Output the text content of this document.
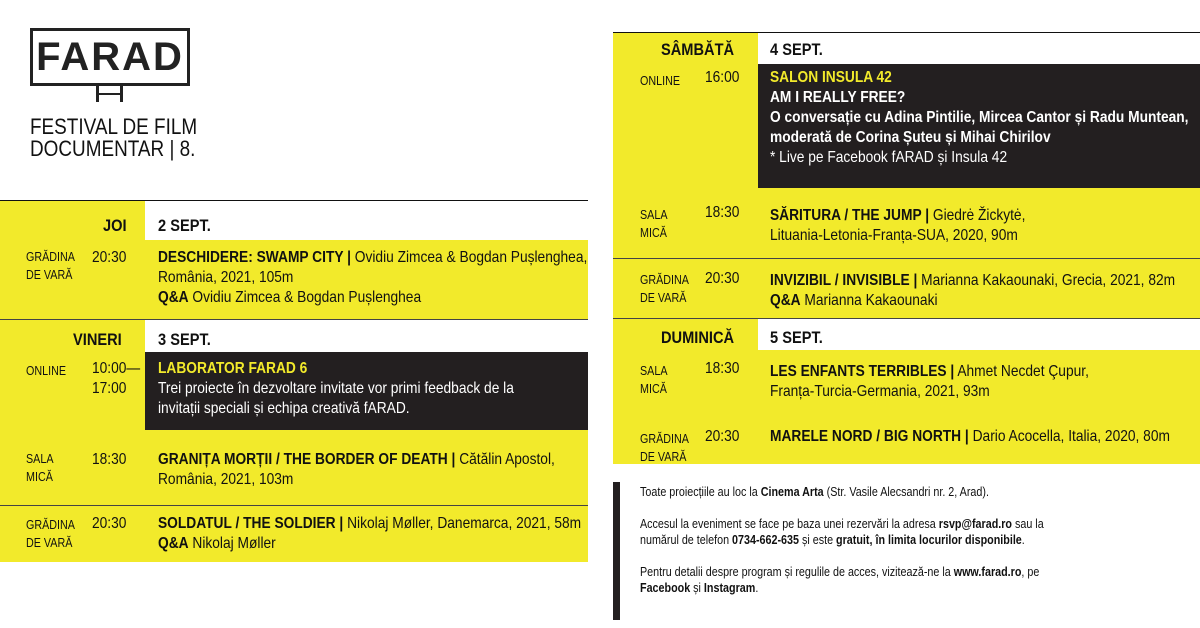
FARAD
FESTIVAL DE FILM
DOCUMENTAR | 8.
JOI 2 SEPT.
GRĂDINA
DE VARĂ
20:30	DESCHIDERE: SWAMP CITY | Ovidiu Zimcea & Bogdan Pușlenghea,
România, 2021, 105m
Q&A Ovidiu Zimcea & Bogdan Pușlenghea
VINERI	3 SEPT.
ONLINE	10:00—
17:00
LABORATOR FARAD 6
Trei proiecte în dezvoltare invitate vor primi feedback de la
invitații speciali și echipa creativă fARAD.
SALA
MICĂ
18:30	GRANIȚA MORȚII / THE BORDER OF DEATH | Cătălin Apostol,
România, 2021, 103m
GRĂDINA
DE VARĂ
20:30	SOLDATUL / THE SOLDIER | Nikolaj Møller, Danemarca, 2021, 58m
Q&A Nikolaj Møller
SÂMBĂTĂ	4 SEPT.
ONLINE	16:00	SALON INSULA 42
AM I REALLY FREE?
O conversație cu Adina Pintilie, Mircea Cantor și Radu Muntean,
moderată de Corina Șuteu și Mihai Chirilov
* Live pe Facebook fARAD și Insula 42
SALA
MICĂ
18:30	SĂRITURA / THE JUMP | Giedrė Žickytė,
Lituania-Letonia-Franța-SUA, 2020, 90m
GRĂDINA
DE VARĂ
20:30	INVIZIBIL / INVISIBLE | Marianna Kakaounaki, Grecia, 2021, 82m
Q&A Marianna Kakaounaki
DUMINICĂ	5 SEPT.
SALA
MICĂ
18:30	LES ENFANTS TERRIBLES | Ahmet Necdet Çupur,
Franța-Turcia-Germania, 2021, 93m
GRĂDINA
DE VARĂ
20:30	MARELE NORD / BIG NORTH | Dario Acocella, Italia, 2020, 80m

Toate proiecțiile au loc la Cinema Arta (Str. Vasile Alecsandri nr. 2, Arad).

Accesul la eveniment se face pe baza unei rezervări la adresa rsvp@farad.ro sau la
numărul de telefon 0734-662-635 și este gratuit, în limita locurilor disponibile.

Pentru detalii despre program și regulile de acces, vizitează-ne la www.farad.ro, pe
Facebook și Instagram.
